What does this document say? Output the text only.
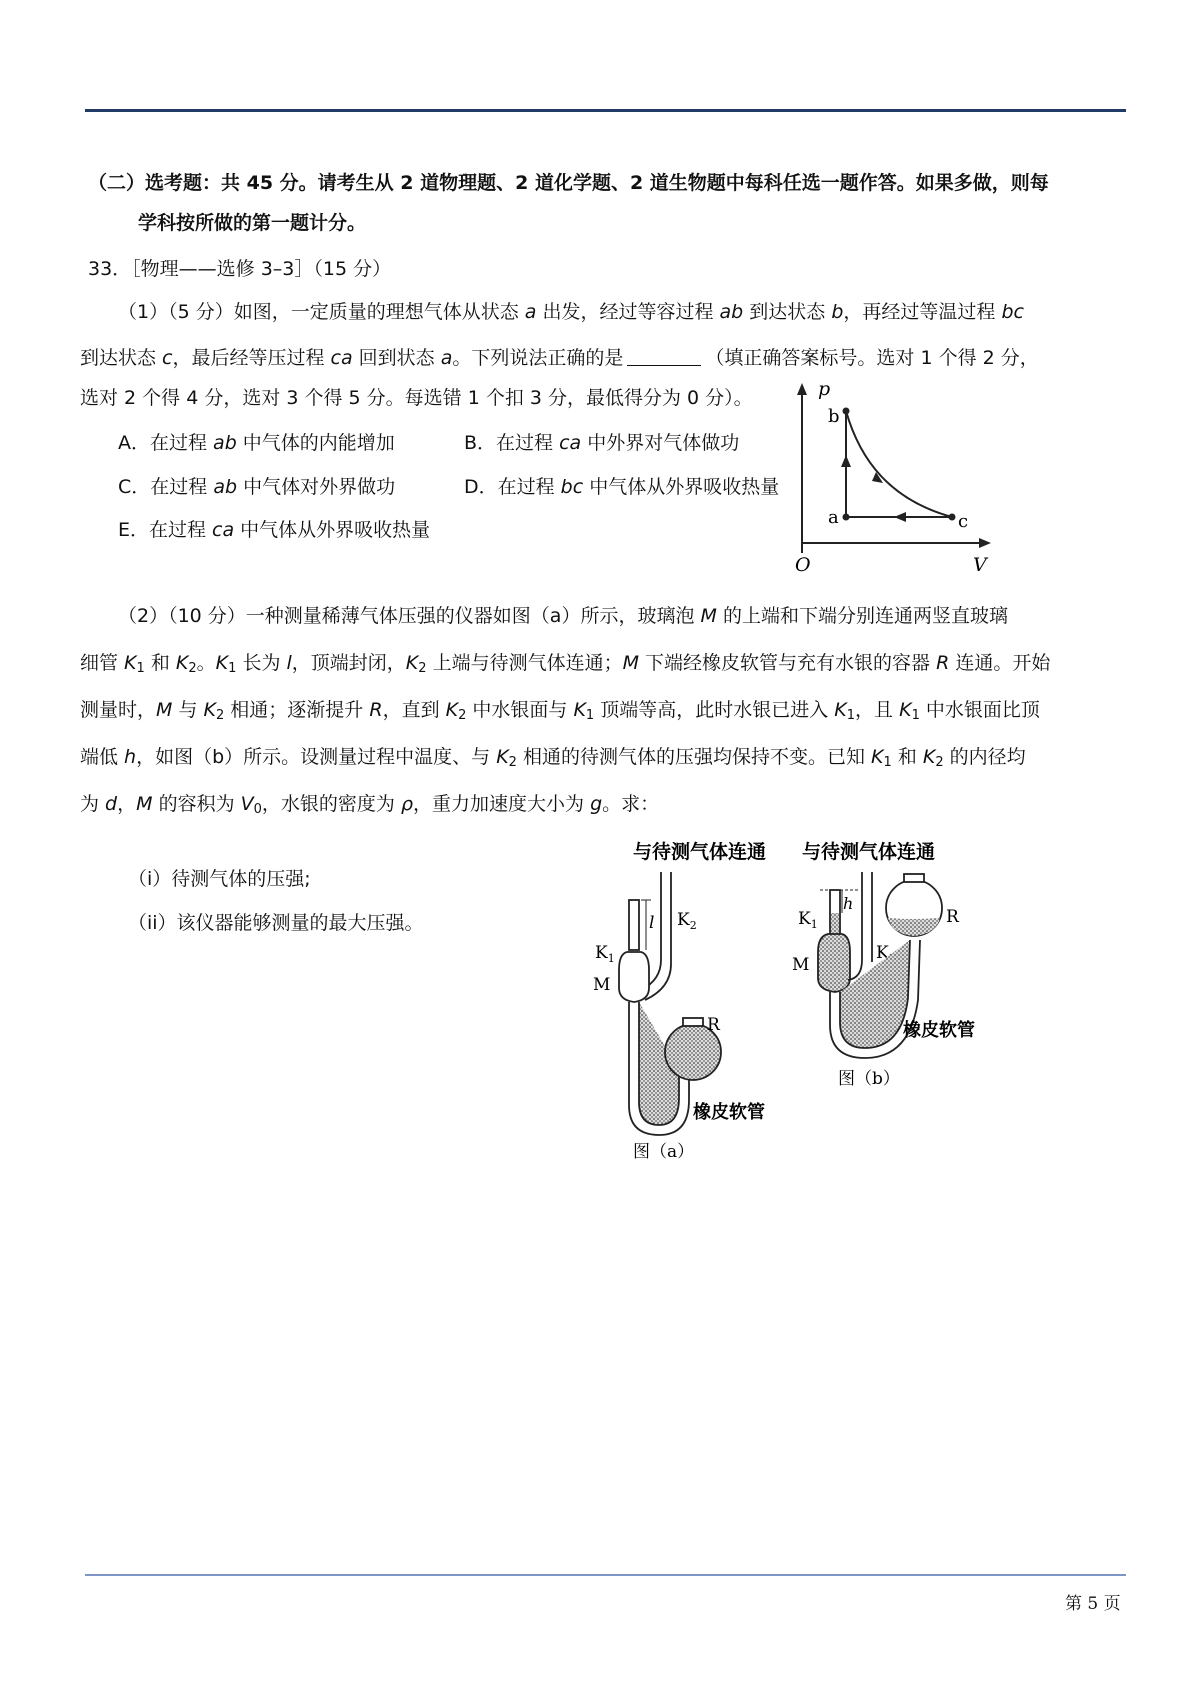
（二）选考题：共 45 分。请考生从 2 道物理题、2 道化学题、2 道生物题中每科任选一题作答。如果多做，则每
学科按所做的第一题计分。
33．［物理——选修 3–3］（15 分）
（1）（5 分）如图，一定质量的理想气体从状态 a 出发，经过等容过程 ab 到达状态 b，再经过等温过程 bc
到达状态 c，最后经等压过程 ca 回到状态 a。下列说法正确的是	（填正确答案标号。选对 1 个得 2 分，
选对 2 个得 4 分，选对 3 个得 5 分。每选错 1 个扣 3 分，最低得分为 0 分）。
A．在过程 ab 中气体的内能增加	B．在过程 ca 中外界对气体做功
C．在过程 ab 中气体对外界做功	D．在过程 bc 中气体从外界吸收热量
E．在过程 ca 中气体从外界吸收热量
p
V
O
b
a	c
（2）（10 分）一种测量稀薄气体压强的仪器如图（a）所示，玻璃泡 M 的上端和下端分别连通两竖直玻璃
细管 $K_1$ 和 $K_2$。$K_1$ 长为 l，顶端封闭，$K_2$ 上端与待测气体连通；M 下端经橡皮软管与充有水银的容器 R 连通。开始
测量时，M 与 $K_2$ 相通；逐渐提升 R，直到 $K_2$ 中水银面与 $K_1$ 顶端等高，此时水银已进入 $K_1$，且 $K_1$ 中水银面比顶
端低 h，如图（b）所示。设测量过程中温度、与 $K_2$ 相通的待测气体的压强均保持不变。已知 $K_1$ 和 $K_2$ 的内径均
为 d，M 的容积为 $V_0$，水银的密度为 ρ，重力加速度大小为 g。求：
（i）待测气体的压强;
（ii）该仪器能够测量的最大压强。
与待测气体连通
l
$K_1$
$K_2$
M
R
橡皮软管
图（a）
与待测气体连通
h
$K_1$
K
M
R
橡皮软管
图（b）
第 5 页
